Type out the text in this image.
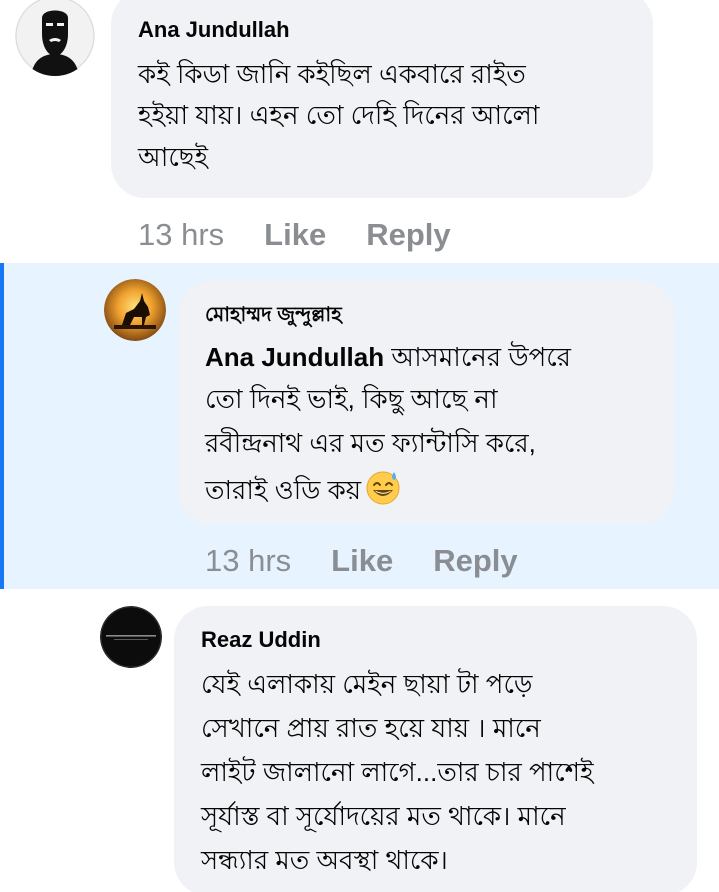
Ana Jundullah
কই কিডা জানি কইছিল একবারে রাইত
হইয়া যায়। এহন তো দেহি দিনের আলো
আছেই
13 hrs Like Reply
মোহাম্মদ জুন্দুল্লাহ
Ana Jundullah আসমানের উপরে
তো দিনই ভাই, কিছু আছে না
রবীন্দ্রনাথ এর মত ফ্যান্টাসি করে,
তারাই ওডি কয়
13 hrs Like Reply
Reaz Uddin
যেই এলাকায় মেইন ছায়া টা পড়ে
সেখানে প্রায় রাত হয়ে যায় । মানে
লাইট জালানো লাগে...তার চার পাশেই
সূর্যাস্ত বা সূর্যোদয়ের মত থাকে। মানে
সন্ধ্যার মত অবস্থা থাকে।
